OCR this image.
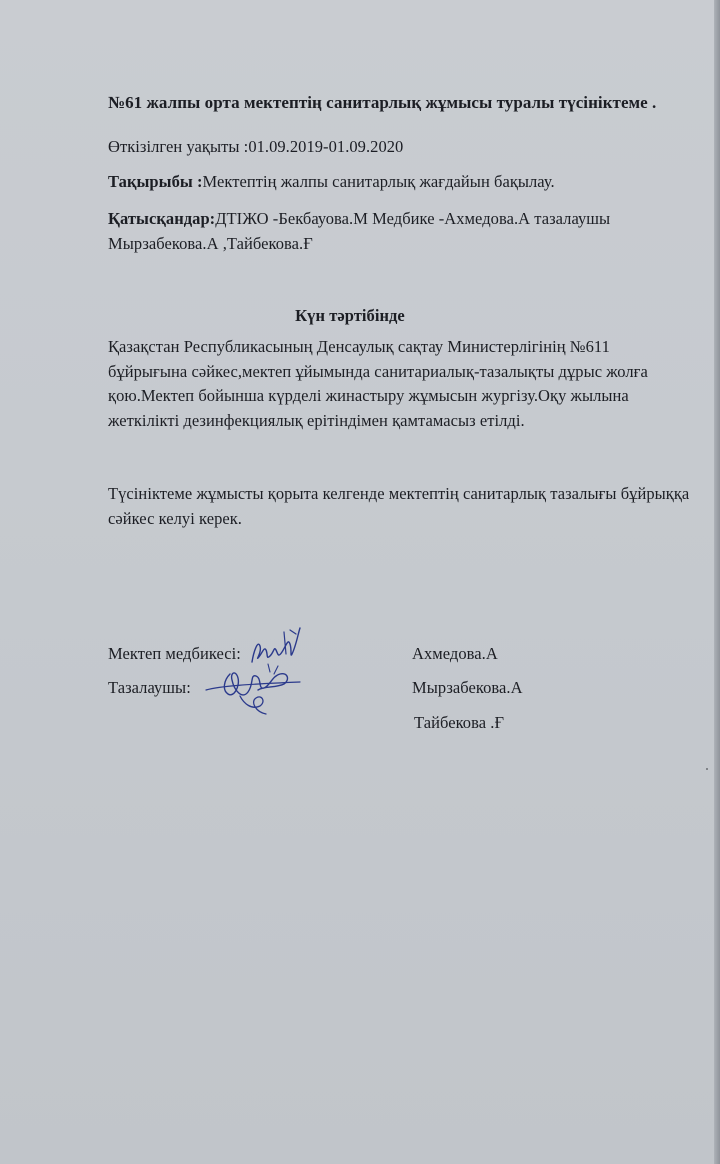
№61 жалпы орта мектептің санитарлық жұмысы туралы түсініктеме .
Өткізілген уақыты :01.09.2019-01.09.2020
Тақырыбы :Мектептің жалпы санитарлық жағдайын бақылау.
Қатысқандар:ДТІЖО -Бекбауова.М Медбике -Ахмедова.А тазалаушы Мырзабекова.А ,Тайбекова.Ғ
Күн тәртібінде
Қазақстан Республикасының Денсаулық сақтау Министерлігінің №611 бұйрығына сәйкес,мектеп ұйымында санитариалық-тазалықты дұрыс жолға қою.Мектеп бойынша күрделі жинастыру жұмысын жургізу.Оқу жылына жеткілікті дезинфекциялық ерітіндімен қамтамасыз етілді.
Түсініктеме жұмысты қорыта келгенде мектептің санитарлық тазалығы бұйрыққа сәйкес келуі керек.
Мектеп медбикесі:	Ахмедова.А
Тазалаушы:	Мырзабекова.А
Тайбекова .Ғ
